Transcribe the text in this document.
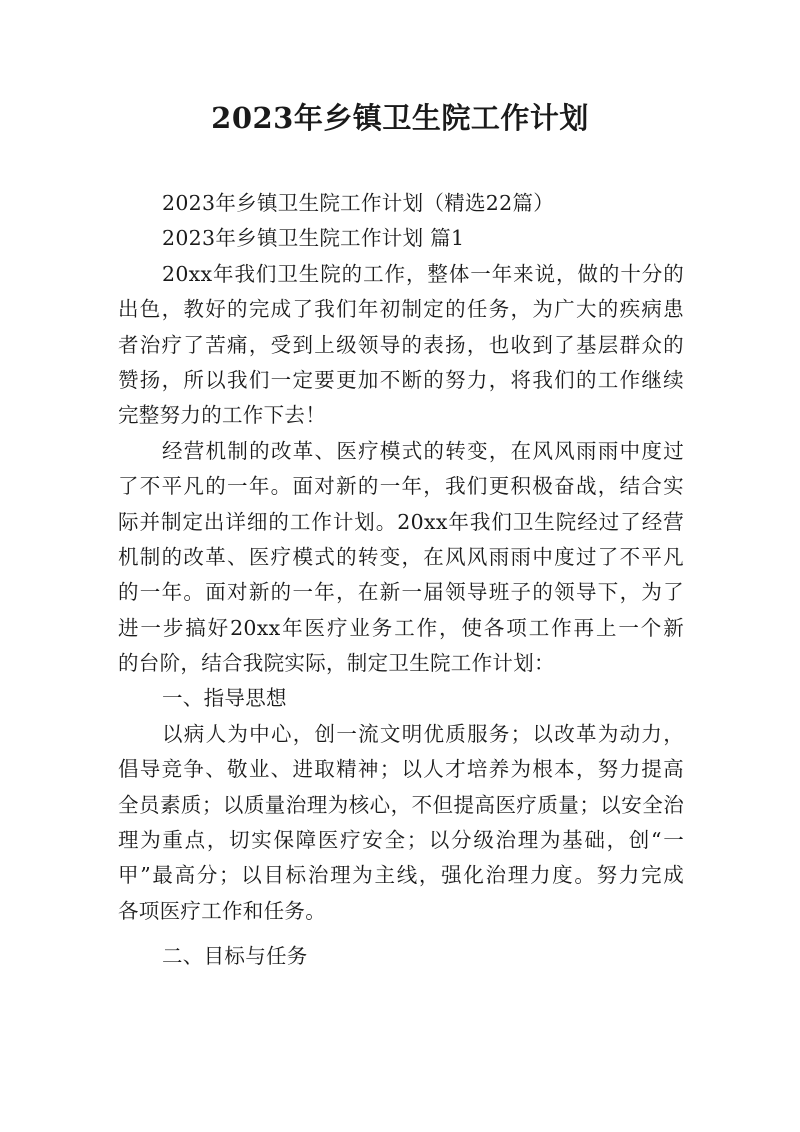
2023年乡镇卫生院工作计划
2023年乡镇卫生院工作计划（精选22篇）
2023年乡镇卫生院工作计划 篇1
20xx年我们卫生院的工作，整体一年来说，做的十分的
出色，教好的完成了我们年初制定的任务，为广大的疾病患
者治疗了苦痛，受到上级领导的表扬，也收到了基层群众的
赞扬，所以我们一定要更加不断的努力，将我们的工作继续
完整努力的工作下去！
经营机制的改革、医疗模式的转变，在风风雨雨中度过
了不平凡的一年。面对新的一年，我们更积极奋战，结合实
际并制定出详细的工作计划。20xx年我们卫生院经过了经营
机制的改革、医疗模式的转变，在风风雨雨中度过了不平凡
的一年。面对新的一年，在新一届领导班子的领导下，为了
进一步搞好20xx年医疗业务工作，使各项工作再上一个新
的台阶，结合我院实际，制定卫生院工作计划：
一、指导思想
以病人为中心，创一流文明优质服务；以改革为动力，
倡导竞争、敬业、进取精神；以人才培养为根本，努力提高
全员素质；以质量治理为核心，不但提高医疗质量；以安全治
理为重点，切实保障医疗安全；以分级治理为基础，创“一
甲”最高分；以目标治理为主线，强化治理力度。努力完成
各项医疗工作和任务。
二、目标与任务
